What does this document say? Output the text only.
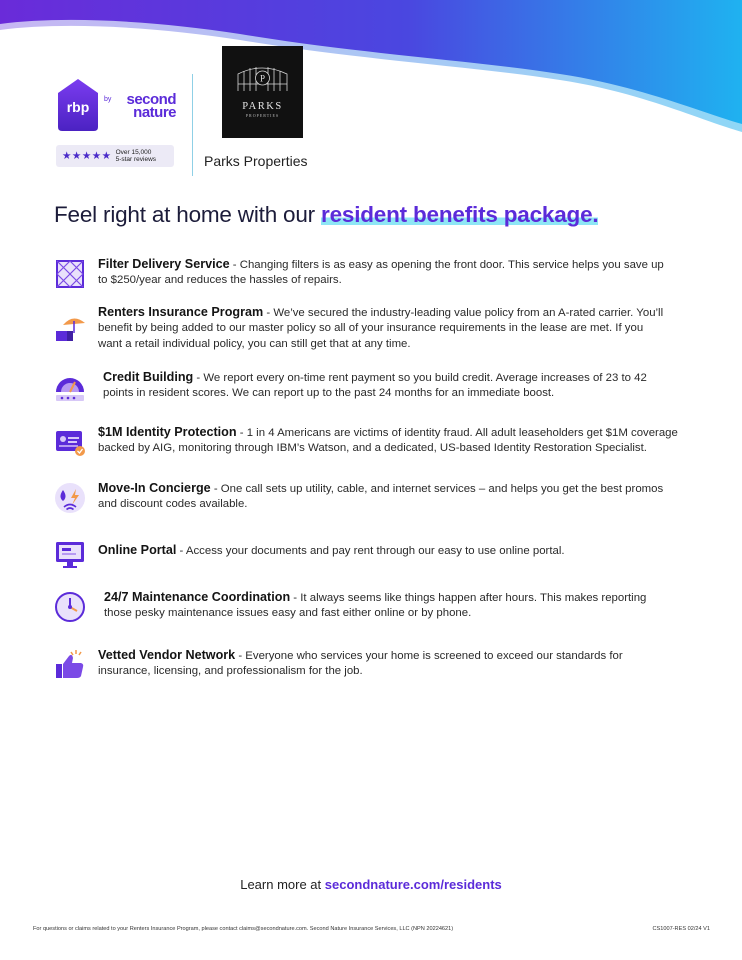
rbp by	second
nature
★★★★★ Over 15,000
5-star reviews
P
PARKS
PROPERTIES
Parks Properties
Feel right at home with our resident benefits package.
Filter Delivery Service - Changing filters is as easy as opening the front door. This service helps you save up
to $250/year and reduces the hassles of repairs.
Renters Insurance Program - We’ve secured the industry-leading value policy from an A-rated carrier. You’ll
benefit by being added to our master policy so all of your insurance requirements in the lease are met. If you
want a retail individual policy, you can still get that at any time.
Credit Building - We report every on-time rent payment so you build credit. Average increases of 23 to 42
points in resident scores. We can report up to the past 24 months for an immediate boost.
$1M Identity Protection - 1 in 4 Americans are victims of identity fraud. All adult leaseholders get $1M coverage
backed by AIG, monitoring through IBM’s Watson, and a dedicated, US-based Identity Restoration Specialist.
Move-In Concierge - One call sets up utility, cable, and internet services – and helps you get the best promos
and discount codes available.
Online Portal - Access your documents and pay rent through our easy to use online portal.
24/7 Maintenance Coordination - It always seems like things happen after hours. This makes reporting
those pesky maintenance issues easy and fast either online or by phone.
Vetted Vendor Network - Everyone who services your home is screened to exceed our standards for
insurance, licensing, and professionalism for the job.
Learn more at secondnature.com/residents
For questions or claims related to your Renters Insurance Program, please contact claims@secondnature.com. Second Nature Insurance Services, LLC (NPN 20224621)	CS1007-RES 02/24 V1
